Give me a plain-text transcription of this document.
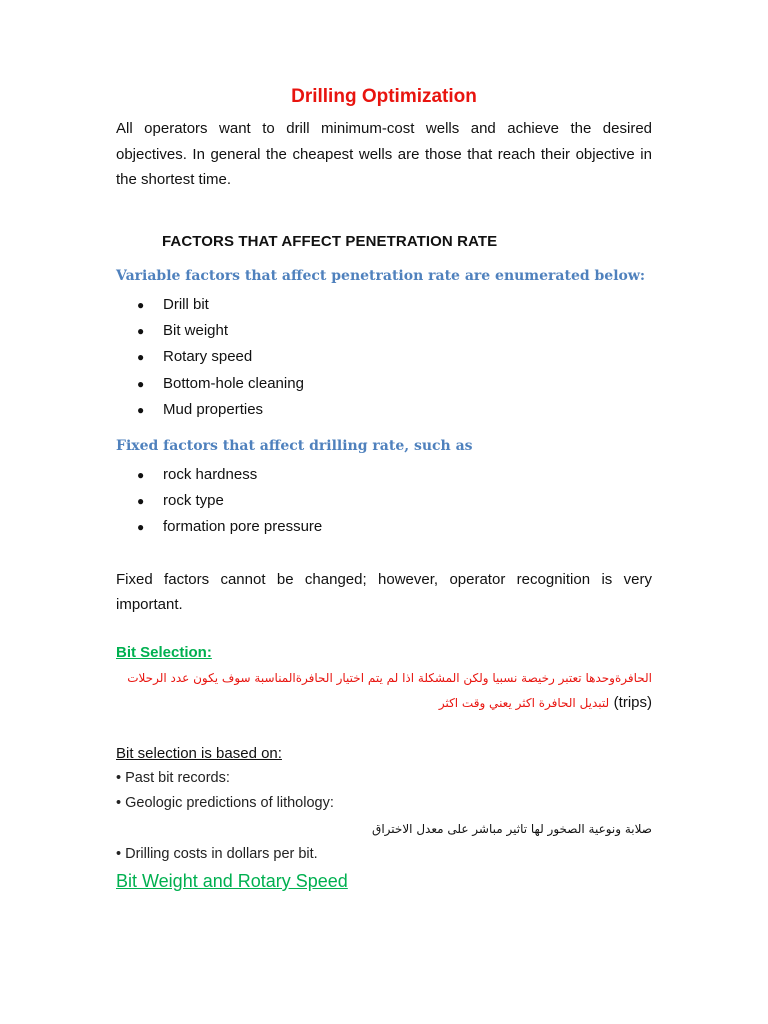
Drilling Optimization

All operators want to drill minimum-cost wells and achieve the desired objectives. In general the cheapest wells are those that reach their objective in the shortest time.

FACTORS THAT AFFECT PENETRATION RATE

Variable factors that affect penetration rate are enumerated below:

● Drill bit
● Bit weight
● Rotary speed
● Bottom-hole cleaning
● Mud properties

Fixed factors that affect drilling rate, such as

● rock hardness
● rock type
● formation pore pressure

Fixed factors cannot be changed; however, operator recognition is very important.

Bit Selection:

الحافرةوحدها تعتبر رخيصة نسبيا ولكن المشكلة اذا لم يتم اختيار الحافرةالمناسبة سوف يكون عدد الرحلات

لتبديل الحافرة اكثر يعني وقت اكثر (trips)

Bit selection is based on:

• Past bit records:

• Geologic predictions of lithology:

صلابة ونوعية الصخور لها تاثير مباشر على معدل الاختراق

• Drilling costs in dollars per bit.

Bit Weight and Rotary Speed
